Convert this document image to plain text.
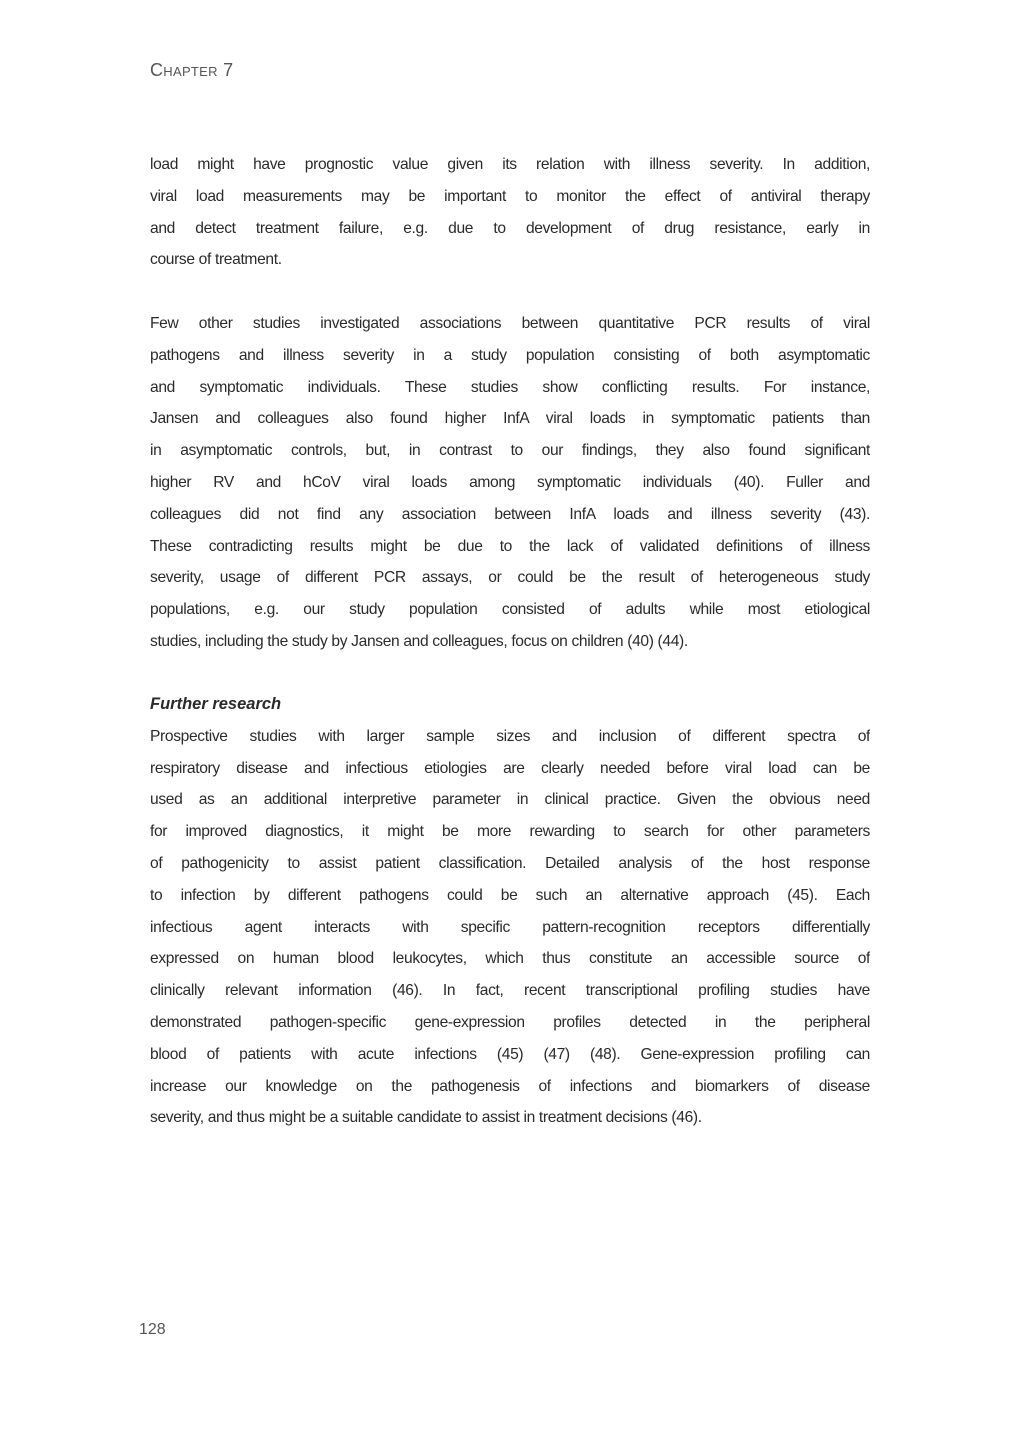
Chapter 7
load might have prognostic value given its relation with illness severity. In addition,
viral load measurements may be important to monitor the effect of antiviral therapy
and detect treatment failure, e.g. due to development of drug resistance, early in
course of treatment.
Few other studies investigated associations between quantitative PCR results of viral
pathogens and illness severity in a study population consisting of both asymptomatic
and symptomatic individuals. These studies show conflicting results. For instance,
Jansen and colleagues also found higher InfA viral loads in symptomatic patients than
in asymptomatic controls, but, in contrast to our findings, they also found significant
higher RV and hCoV viral loads among symptomatic individuals (40). Fuller and
colleagues did not find any association between InfA loads and illness severity (43).
These contradicting results might be due to the lack of validated definitions of illness
severity, usage of different PCR assays, or could be the result of heterogeneous study
populations, e.g. our study population consisted of adults while most etiological
studies, including the study by Jansen and colleagues, focus on children (40) (44).
Further research
Prospective studies with larger sample sizes and inclusion of different spectra of
respiratory disease and infectious etiologies are clearly needed before viral load can be
used as an additional interpretive parameter in clinical practice. Given the obvious need
for improved diagnostics, it might be more rewarding to search for other parameters
of pathogenicity to assist patient classification. Detailed analysis of the host response
to infection by different pathogens could be such an alternative approach (45). Each
infectious agent interacts with specific pattern-recognition receptors differentially
expressed on human blood leukocytes, which thus constitute an accessible source of
clinically relevant information (46). In fact, recent transcriptional profiling studies have
demonstrated pathogen-specific gene-expression profiles detected in the peripheral
blood of patients with acute infections (45) (47) (48). Gene-expression profiling can
increase our knowledge on the pathogenesis of infections and biomarkers of disease
severity, and thus might be a suitable candidate to assist in treatment decisions (46).
128
